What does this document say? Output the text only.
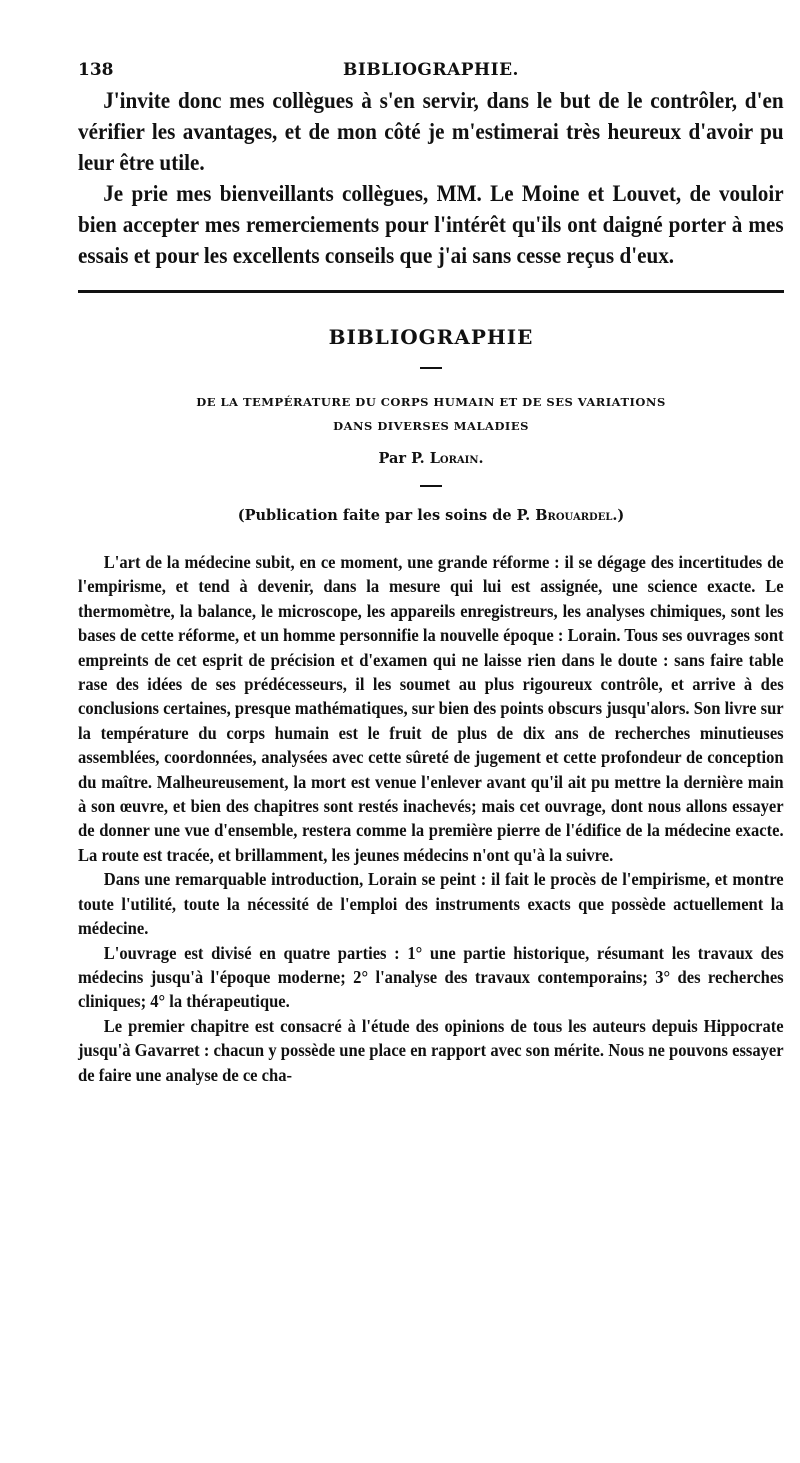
138	BIBLIOGRAPHIE.

J'invite donc mes collègues à s'en servir, dans le but de le contrôler, d'en vérifier les avantages, et de mon côté je m'estimerai très heureux d'avoir pu leur être utile.

Je prie mes bienveillants collègues, MM. Le Moine et Louvet, de vouloir bien accepter mes remerciements pour l'intérêt qu'ils ont daigné porter à mes essais et pour les excellents conseils que j'ai sans cesse reçus d'eux.

BIBLIOGRAPHIE
DE LA TEMPÉRATURE DU CORPS HUMAIN ET DE SES VARIATIONS
DANS DIVERSES MALADIES
Par P. Lorain.
(Publication faite par les soins de P. Brouardel.)

L'art de la médecine subit, en ce moment, une grande réforme : il se dégage des incertitudes de l'empirisme, et tend à devenir, dans la mesure qui lui est assignée, une science exacte. Le thermomètre, la balance, le microscope, les appareils enregistreurs, les analyses chimiques, sont les bases de cette réforme, et un homme personnifie la nouvelle époque : Lorain. Tous ses ouvrages sont empreints de cet esprit de précision et d'examen qui ne laisse rien dans le doute : sans faire table rase des idées de ses prédécesseurs, il les soumet au plus rigoureux contrôle, et arrive à des conclusions certaines, presque mathématiques, sur bien des points obscurs jusqu'alors. Son livre sur la température du corps humain est le fruit de plus de dix ans de recherches minutieuses assemblées, coordonnées, analysées avec cette sûreté de jugement et cette profondeur de conception du maître. Malheureusement, la mort est venue l'enlever avant qu'il ait pu mettre la dernière main à son œuvre, et bien des chapitres sont restés inachevés; mais cet ouvrage, dont nous allons essayer de donner une vue d'ensemble, restera comme la première pierre de l'édifice de la médecine exacte. La route est tracée, et brillamment, les jeunes médecins n'ont qu'à la suivre.

Dans une remarquable introduction, Lorain se peint : il fait le procès de l'empirisme, et montre toute l'utilité, toute la nécessité de l'emploi des instruments exacts que possède actuellement la médecine.

L'ouvrage est divisé en quatre parties : 1° une partie historique, résumant les travaux des médecins jusqu'à l'époque moderne; 2° l'analyse des travaux contemporains; 3° des recherches cliniques; 4° la thérapeutique.

Le premier chapitre est consacré à l'étude des opinions de tous les auteurs depuis Hippocrate jusqu'à Gavarret : chacun y possède une place en rapport avec son mérite. Nous ne pouvons essayer de faire une analyse de ce cha-
